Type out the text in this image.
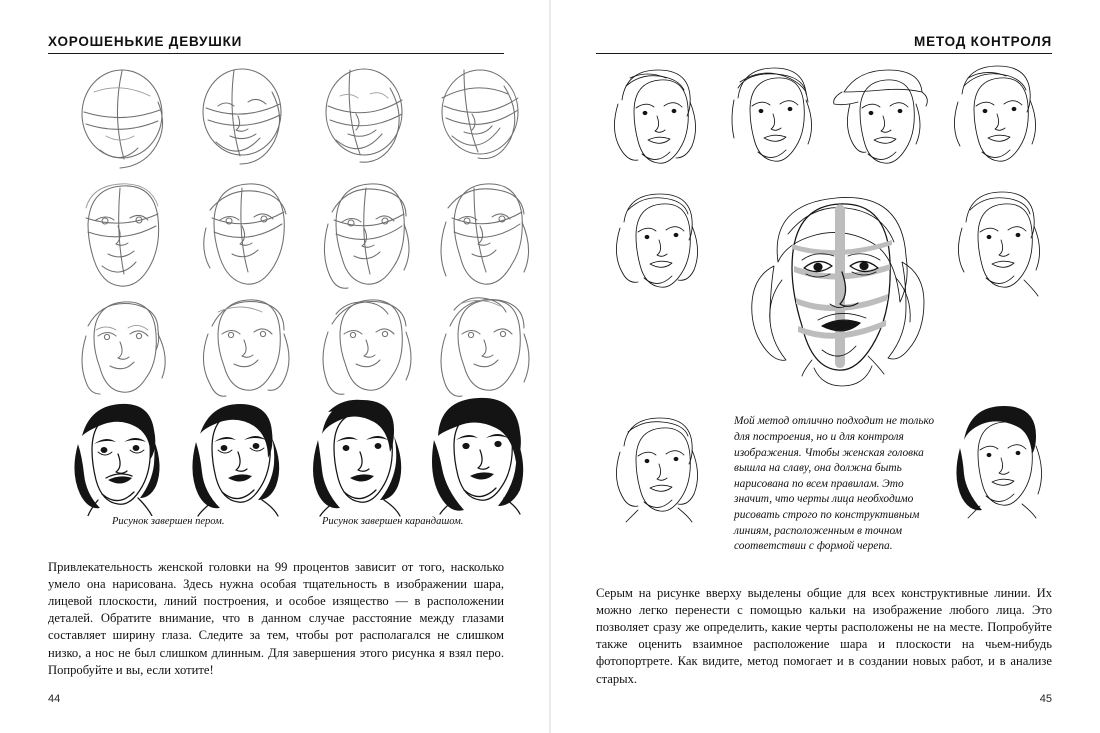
ХОРОШЕНЬКИЕ ДЕВУШКИ
Рисунок завершен пером.	Рисунок завершен карандашом.

Привлекательность женской головки на 99 процентов зависит от того, насколько умело она нарисована. Здесь нужна особая тщательность в изображении шара, лицевой плоскости, линий построения, и особое изящество — в расположении деталей. Обратите внимание, что в данном случае расстояние между глазами составляет ширину глаза. Следите за тем, чтобы рот располагался не слишком низко, а нос не был слишком длинным. Для завершения этого рисунка я взял перо. Попробуйте и вы, если хотите!

44
МЕТОД КОНТРОЛЯ

Мой метод отлично подходит не только для построения, но и для контроля изображения. Чтобы женская головка вышла на славу, она должна быть нарисована по всем правилам. Это значит, что черты лица необходимо рисовать строго по конструктивным линиям, расположенным в точном соответствии с формой черепа.

Серым на рисунке вверху выделены общие для всех конструктивные линии. Их можно легко перенести с помощью кальки на изображение любого лица. Это позволяет сразу же определить, какие черты расположены не на месте. Попробуйте также оценить взаимное расположение шара и плоскости на чьем-нибудь фотопортрете. Как видите, метод помогает и в создании новых работ, и в анализе старых.

45
